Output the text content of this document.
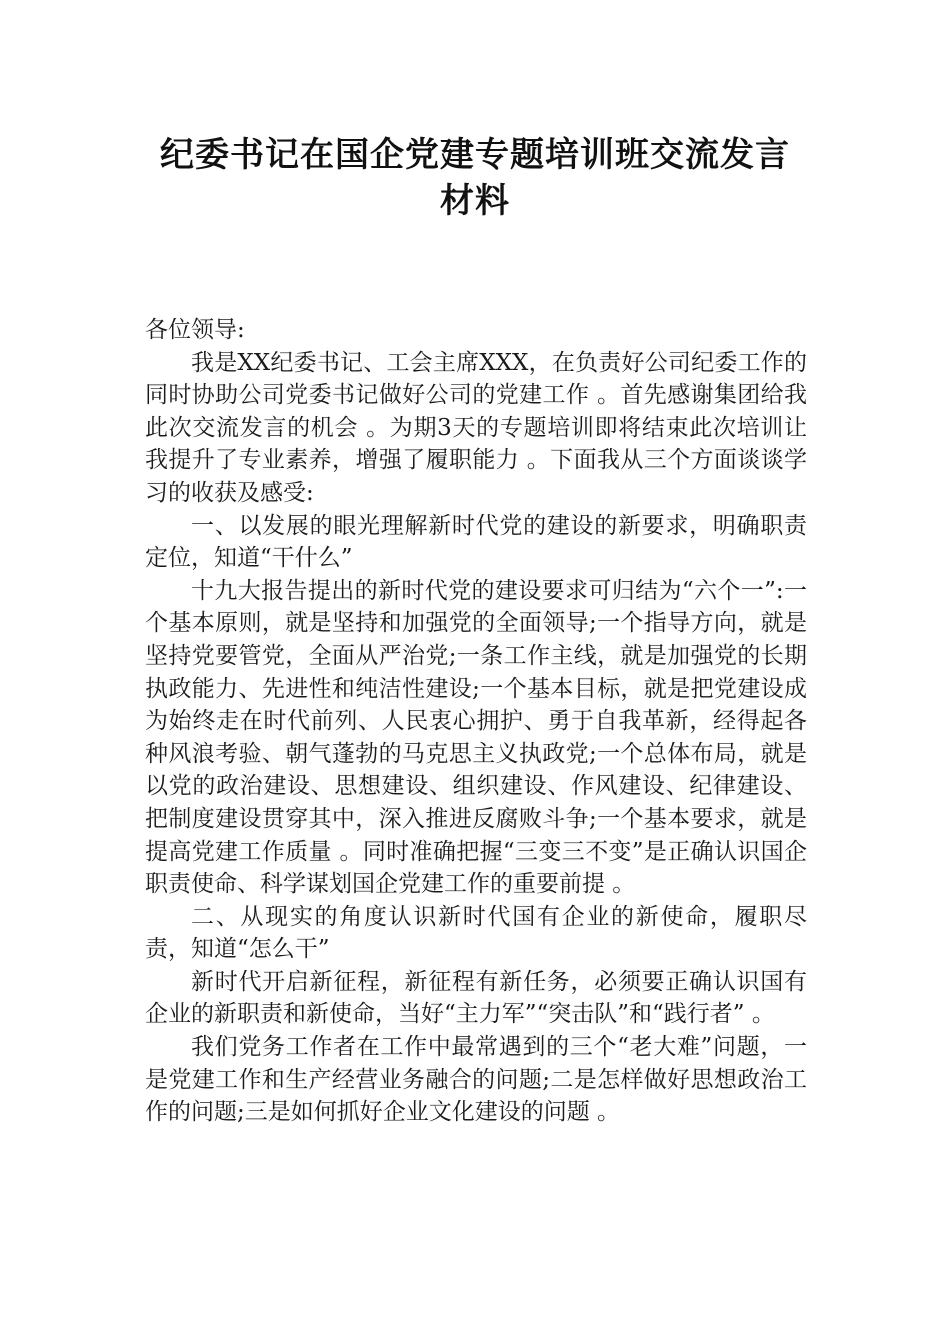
纪委书记在国企党建专题培训班交流发言材料

各位领导:

我是XX纪委书记、工会主席XXX，在负责好公司纪委工作的同时协助公司党委书记做好公司的党建工作 。首先感谢集团给我此次交流发言的机会 。为期3天的专题培训即将结束此次培训让我提升了专业素养，增强了履职能力 。下面我从三个方面谈谈学习的收获及感受:

一、以发展的眼光理解新时代党的建设的新要求，明确职责定位，知道“干什么”

十九大报告提出的新时代党的建设要求可归结为“六个一”:一个基本原则，就是坚持和加强党的全面领导;一个指导方向，就是坚持党要管党，全面从严治党;一条工作主线，就是加强党的长期执政能力、先进性和纯洁性建设;一个基本目标，就是把党建设成为始终走在时代前列、人民衷心拥护、勇于自我革新，经得起各种风浪考验、朝气蓬勃的马克思主义执政党;一个总体布局，就是以党的政治建设、思想建设、组织建设、作风建设、纪律建设、把制度建设贯穿其中，深入推进反腐败斗争;一个基本要求，就是提高党建工作质量 。同时准确把握“三变三不变”是正确认识国企职责使命、科学谋划国企党建工作的重要前提 。

二、从现实的角度认识新时代国有企业的新使命，履职尽责，知道“怎么干”

新时代开启新征程，新征程有新任务，必须要正确认识国有企业的新职责和新使命，当好“主力军”“突击队”和“践行者” 。

我们党务工作者在工作中最常遇到的三个“老大难”问题，一是党建工作和生产经营业务融合的问题;二是怎样做好思想政治工作的问题;三是如何抓好企业文化建设的问题 。
